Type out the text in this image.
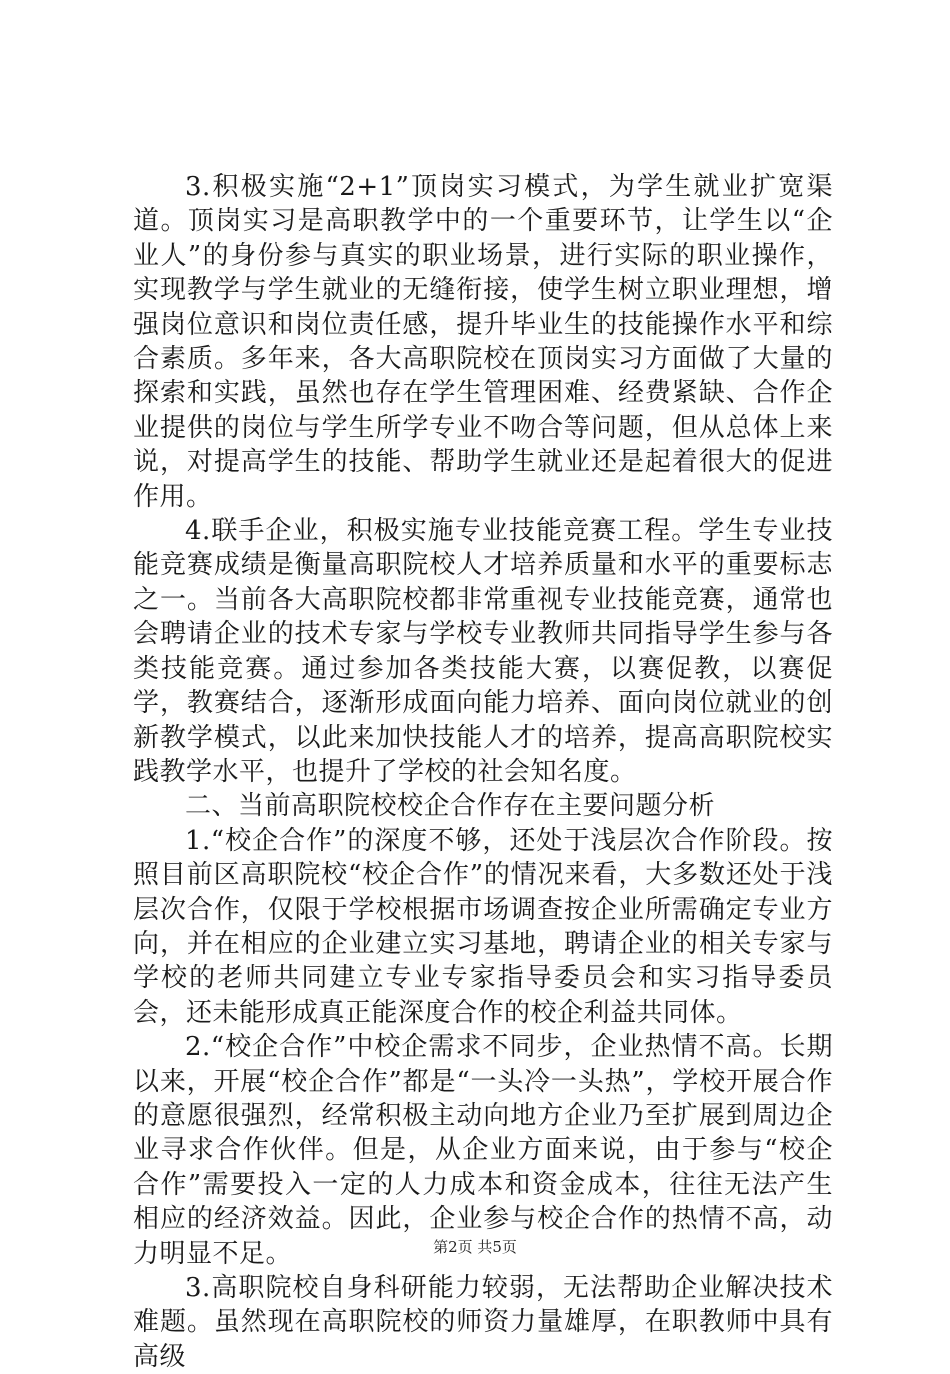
3.积极实施“2+1”顶岗实习模式，为学生就业扩宽渠道。顶岗实习是高职教学中的一个重要环节，让学生以“企业人”的身份参与真实的职业场景，进行实际的职业操作，实现教学与学生就业的无缝衔接，使学生树立职业理想，增强岗位意识和岗位责任感，提升毕业生的技能操作水平和综合素质。多年来，各大高职院校在顶岗实习方面做了大量的探索和实践，虽然也存在学生管理困难、经费紧缺、合作企业提供的岗位与学生所学专业不吻合等问题，但从总体上来说，对提高学生的技能、帮助学生就业还是起着很大的促进作用。

4.联手企业，积极实施专业技能竞赛工程。学生专业技能竞赛成绩是衡量高职院校人才培养质量和水平的重要标志之一。当前各大高职院校都非常重视专业技能竞赛，通常也会聘请企业的技术专家与学校专业教师共同指导学生参与各类技能竞赛。通过参加各类技能大赛，以赛促教，以赛促学，教赛结合，逐渐形成面向能力培养、面向岗位就业的创新教学模式，以此来加快技能人才的培养，提高高职院校实践教学水平，也提升了学校的社会知名度。

二、当前高职院校校企合作存在主要问题分析

1.“校企合作”的深度不够，还处于浅层次合作阶段。按照目前区高职院校“校企合作”的情况来看，大多数还处于浅层次合作，仅限于学校根据市场调查按企业所需确定专业方向，并在相应的企业建立实习基地，聘请企业的相关专家与学校的老师共同建立专业专家指导委员会和实习指导委员会，还未能形成真正能深度合作的校企利益共同体。

2.“校企合作”中校企需求不同步，企业热情不高。长期以来，开展“校企合作”都是“一头冷一头热”，学校开展合作的意愿很强烈，经常积极主动向地方企业乃至扩展到周边企业寻求合作伙伴。但是，从企业方面来说，由于参与“校企合作”需要投入一定的人力成本和资金成本，往往无法产生相应的经济效益。因此，企业参与校企合作的热情不高，动力明显不足。

3.高职院校自身科研能力较弱，无法帮助企业解决技术难题。虽然现在高职院校的师资力量雄厚，在职教师中具有高级

第2页 共5页
